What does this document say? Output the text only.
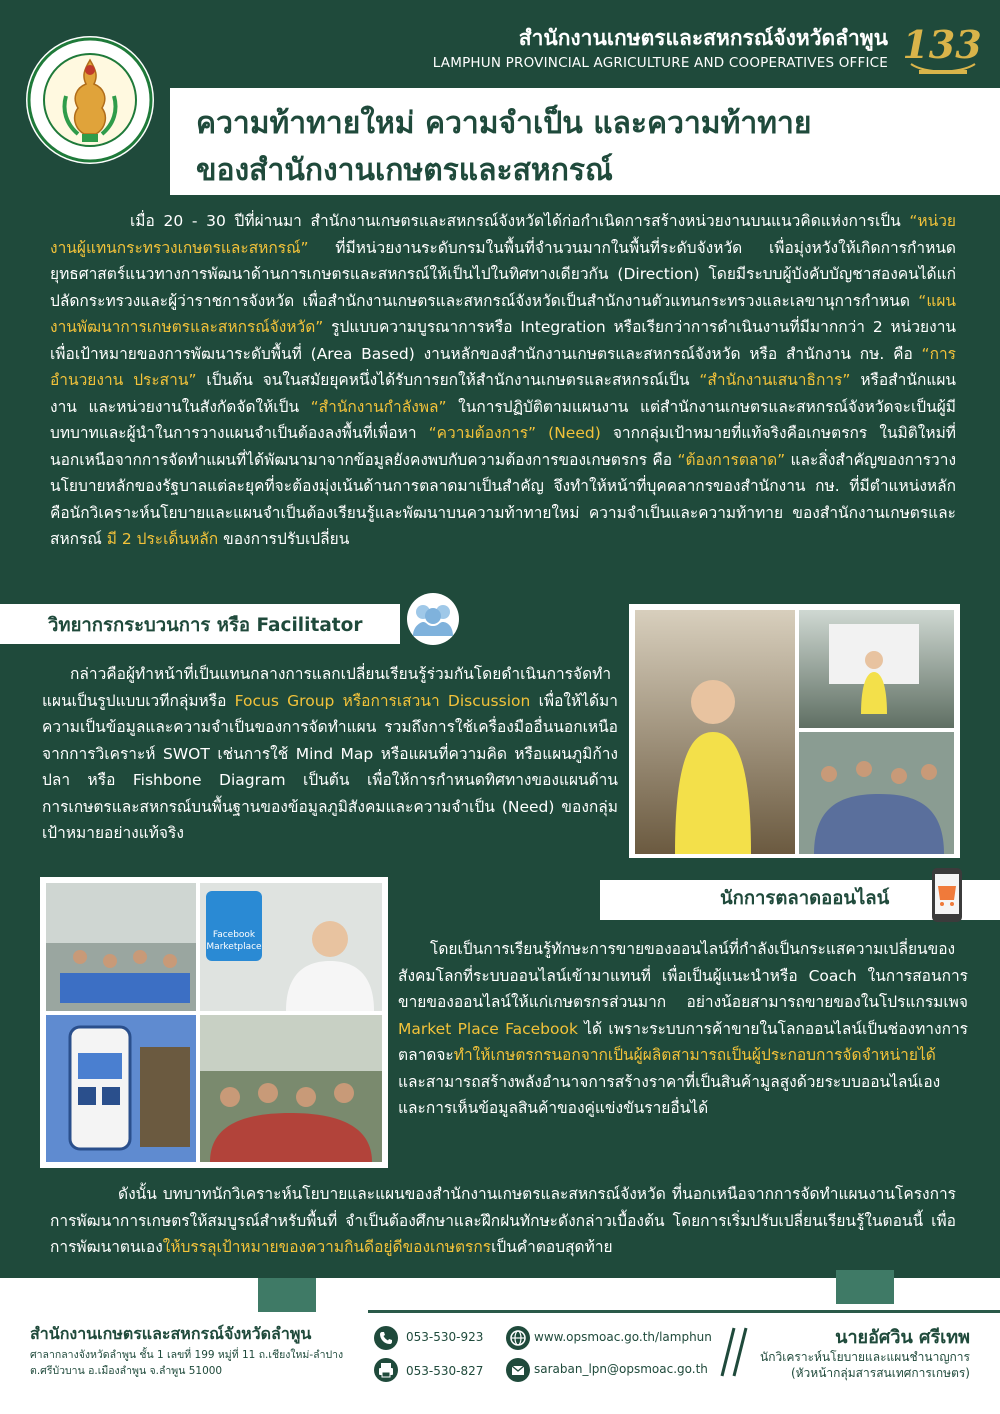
สำนักงานเกษตรและสหกรณ์จังหวัดลำพูน
LAMPHUN PROVINCIAL AGRICULTURE AND COOPERATIVES OFFICE
ความท้าทายใหม่ ความจำเป็น และความท้าทาย
ของสำนักงานเกษตรและสหกรณ์
133
เมื่อ 20 - 30 ปีที่ผ่านมา สำนักงานเกษตรและสหกรณ์จังหวัดได้ก่อกำเนิดการสร้างหน่วยงานบนแนวคิดแห่งการเป็น “หน่วยงานผู้แทนกระทรวงเกษตรและสหกรณ์” ที่มีหน่วยงานระดับกรมในพื้นที่จำนวนมากในพื้นที่ระดับจังหวัด เพื่อมุ่งหวังให้เกิดการกำหนดยุทธศาสตร์แนวทางการพัฒนาด้านการเกษตรและสหกรณ์ให้เป็นไปในทิศทางเดียวกัน (Direction) โดยมีระบบผู้บังคับบัญชาสองคนได้แก่ปลัดกระทรวงและผู้ว่าราชการจังหวัด เพื่อสำนักงานเกษตรและสหกรณ์จังหวัดเป็นสำนักงานตัวแทนกระทรวงและเลขานุการกำหนด “แผนงานพัฒนาการเกษตรและสหกรณ์จังหวัด” รูปแบบความบูรณาการหรือ Integration หรือเรียกว่าการดำเนินงานที่มีมากกว่า 2 หน่วยงานเพื่อเป้าหมายของการพัฒนาระดับพื้นที่ (Area Based) งานหลักของสำนักงานเกษตรและสหกรณ์จังหวัด หรือ สำนักงาน กษ. คือ “การอำนวยงาน ประสาน” เป็นต้น จนในสมัยยุคหนึ่งได้รับการยกให้สำนักงานเกษตรและสหกรณ์เป็น “สำนักงานเสนาธิการ” หรือสำนักแผนงาน และหน่วยงานในสังกัดจัดให้เป็น “สำนักงานกำลังพล” ในการปฏิบัติตามแผนงาน แต่สำนักงานเกษตรและสหกรณ์จังหวัดจะเป็นผู้มีบทบาทและผู้นำในการวางแผนจำเป็นต้องลงพื้นที่เพื่อหา “ความต้องการ” (Need) จากกลุ่มเป้าหมายที่แท้จริงคือเกษตรกร ในมิติใหม่ที่นอกเหนือจากการจัดทำแผนที่ได้พัฒนามาจากข้อมูลยังคงพบกับความต้องการของเกษตรกร คือ “ต้องการตลาด” และสิ่งสำคัญของการวางนโยบายหลักของรัฐบาลแต่ละยุคที่จะต้องมุ่งเน้นด้านการตลาดมาเป็นสำคัญ จึงทำให้หน้าที่บุคคลากรของสำนักงาน กษ. ที่มีตำแหน่งหลักคือนักวิเคราะห์นโยบายและแผนจำเป็นต้องเรียนรู้และพัฒนาบนความท้าทายใหม่ ความจำเป็นและความท้าทาย ของสำนักงานเกษตรและสหกรณ์ มี 2 ประเด็นหลัก ของการปรับเปลี่ยน
วิทยากรกระบวนการ หรือ Facilitator
กล่าวคือผู้ทำหน้าที่เป็นแทนกลางการแลกเปลี่ยนเรียนรู้ร่วมกันโดยดำเนินการจัดทำแผนเป็นรูปแบบเวทีกลุ่มหรือ Focus Group หรือการเสวนา Discussion เพื่อให้ได้มาความเป็นข้อมูลและความจำเป็นของการจัดทำแผน รวมถึงการใช้เครื่องมืออื่นนอกเหนือจากการวิเคราะห์ SWOT เช่นการใช้ Mind Map หรือแผนที่ความคิด หรือแผนภูมิก้างปลา หรือ Fishbone Diagram เป็นต้น เพื่อให้การกำหนดทิศทางของแผนด้านการเกษตรและสหกรณ์บนพื้นฐานของข้อมูลภูมิสังคมและความจำเป็น (Need) ของกลุ่มเป้าหมายอย่างแท้จริง
นักการตลาดออนไลน์
โดยเป็นการเรียนรู้ทักษะการขายของออนไลน์ที่กำลังเป็นกระแสความเปลี่ยนของสังคมโลกที่ระบบออนไลน์เข้ามาแทนที่ เพื่อเป็นผู้แนะนำหรือ Coach ในการสอนการขายของออนไลน์ให้แก่เกษตรกรส่วนมาก อย่างน้อยสามารถขายของในโปรแกรมเพจ Market Place Facebook ได้ เพราะระบบการค้าขายในโลกออนไลน์เป็นช่องทางการตลาดจะทำให้เกษตรกรนอกจากเป็นผู้ผลิตสามารถเป็นผู้ประกอบการจัดจำหน่ายได้ และสามารถสร้างพลังอำนาจการสร้างราคาที่เป็นสินค้ามูลสูงด้วยระบบออนไลน์เอง และการเห็นข้อมูลสินค้าของคู่แข่งขันรายอื่นได้
Facebook
Marketplace
ดังนั้น บทบาทนักวิเคราะห์นโยบายและแผนของสำนักงานเกษตรและสหกรณ์จังหวัด ที่นอกเหนือจากการจัดทำแผนงานโครงการการพัฒนาการเกษตรให้สมบูรณ์สำหรับพื้นที่ จำเป็นต้องศึกษาและฝึกฝนทักษะดังกล่าวเบื้องต้น โดยการเริ่มปรับเปลี่ยนเรียนรู้ในตอนนี้ เพื่อการพัฒนาตนเองให้บรรลุเป้าหมายของความกินดีอยู่ดีของเกษตรกรเป็นคำตอบสุดท้าย
สำนักงานเกษตรและสหกรณ์จังหวัดลำพูน
ศาลากลางจังหวัดลำพูน ชั้น 1 เลขที่ 199 หมู่ที่ 11 ถ.เชียงใหม่-ลำปาง
ต.ศรีบัวบาน อ.เมืองลำพูน จ.ลำพูน 51000
053-530-923
053-530-827
www.opsmoac.go.th/lamphun
saraban_lpn@opsmoac.go.th
นายอัศวิน ศรีเทพ
นักวิเคราะห์นโยบายและแผนชำนาญการ
(หัวหน้ากลุ่มสารสนเทศการเกษตร)
